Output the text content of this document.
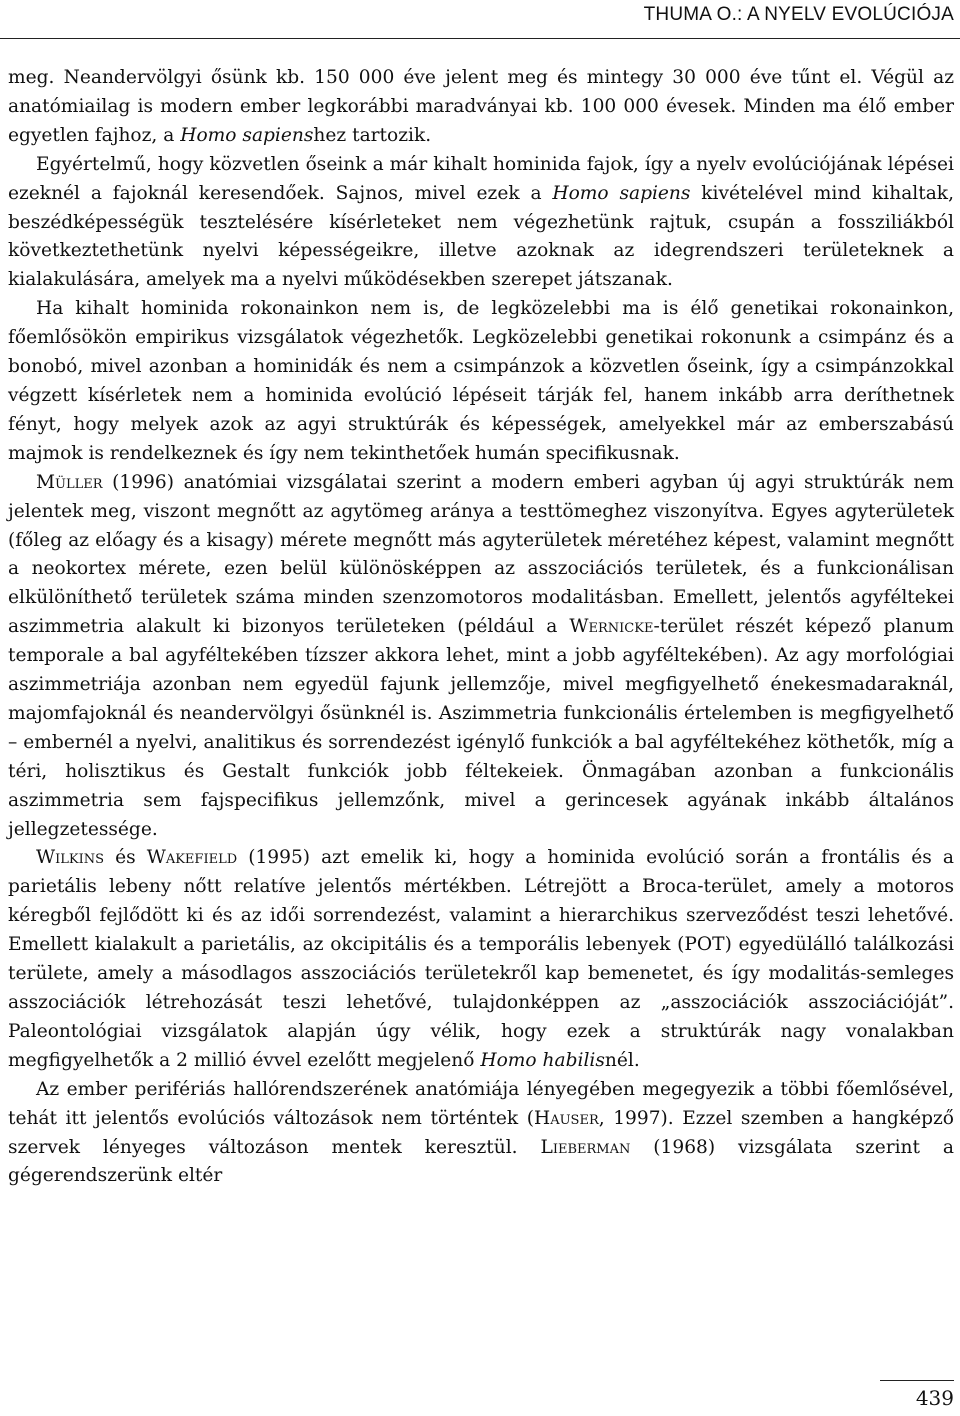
THUMA O.: A NYELV EVOLÚCIÓJA

meg. Neandervölgyi ősünk kb. 150 000 éve jelent meg és mintegy 30 000 éve tűnt el. Végül az anatómiailag is modern ember legkorábbi maradványai kb. 100 000 évesek. Minden ma élő ember egyetlen fajhoz, a Homo sapienshez tartozik.

Egyértelmű, hogy közvetlen őseink a már kihalt hominida fajok, így a nyelv evolúciójának lépései ezeknél a fajoknál keresendőek. Sajnos, mivel ezek a Homo sapiens kivételével mind kihaltak, beszédképességük tesztelésére kísérleteket nem végezhetünk rajtuk, csupán a fossziliákból következtethetünk nyelvi képességeikre, illetve azoknak az idegrendszeri területeknek a kialakulására, amelyek ma a nyelvi működésekben szerepet játszanak.

Ha kihalt hominida rokonainkon nem is, de legközelebbi ma is élő genetikai rokonainkon, főemlősökön empirikus vizsgálatok végezhetők. Legközelebbi genetikai rokonunk a csimpánz és a bonobó, mivel azonban a hominidák és nem a csimpánzok a közvetlen őseink, így a csimpánzokkal végzett kísérletek nem a hominida evolúció lépéseit tárják fel, hanem inkább arra deríthetnek fényt, hogy melyek azok az agyi struktúrák és képességek, amelyekkel már az emberszabású majmok is rendelkeznek és így nem tekinthetőek humán specifikusnak.

Müller (1996) anatómiai vizsgálatai szerint a modern emberi agyban új agyi struktúrák nem jelentek meg, viszont megnőtt az agytömeg aránya a testtömeghez viszonyítva. Egyes agyterületek (főleg az előagy és a kisagy) mérete megnőtt más agyterületek méretéhez képest, valamint megnőtt a neokortex mérete, ezen belül különösképpen az asszociációs területek, és a funkcionálisan elkülöníthető területek száma minden szenzomotoros modalitásban. Emellett, jelentős agyféltekei aszimmetria alakult ki bizonyos területeken (például a Wernicke-terület részét képező planum temporale a bal agyféltekében tízszer akkora lehet, mint a jobb agyféltekében). Az agy morfológiai aszimmetriája azonban nem egyedül fajunk jellemzője, mivel megfigyelhető énekesmadaraknál, majomfajoknál és neandervölgyi ősünknél is. Aszimmetria funkcionális értelemben is megfigyelhető – embernél a nyelvi, analitikus és sorrendezést igénylő funkciók a bal agyféltekéhez köthetők, míg a téri, holisztikus és Gestalt funkciók jobb féltekeiek. Önmagában azonban a funkcionális aszimmetria sem fajspecifikus jellemzőnk, mivel a gerincesek agyának inkább általános jellegzetessége.

Wilkins és Wakefield (1995) azt emelik ki, hogy a hominida evolúció során a frontális és a parietális lebeny nőtt relatíve jelentős mértékben. Létrejött a Broca-terület, amely a motoros kéregből fejlődött ki és az idői sorrendezést, valamint a hierarchikus szerveződést teszi lehetővé. Emellett kialakult a parietális, az okcipitális és a temporális lebenyek (POT) egyedülálló találkozási területe, amely a másodlagos asszociációs területekről kap bemenetet, és így modalitás-semleges asszociációk létrehozását teszi lehetővé, tulajdonképpen az „asszociációk asszociációját”. Paleontológiai vizsgálatok alapján úgy vélik, hogy ezek a struktúrák nagy vonalakban megfigyelhetők a 2 millió évvel ezelőtt megjelenő Homo habilisnél.

Az ember perifériás hallórendszerének anatómiája lényegében megegyezik a többi főemlősével, tehát itt jelentős evolúciós változások nem történtek (Hauser, 1997). Ezzel szemben a hangképző szervek lényeges változáson mentek keresztül. Lieberman (1968) vizsgálata szerint a gégerendszerünk eltér

439
